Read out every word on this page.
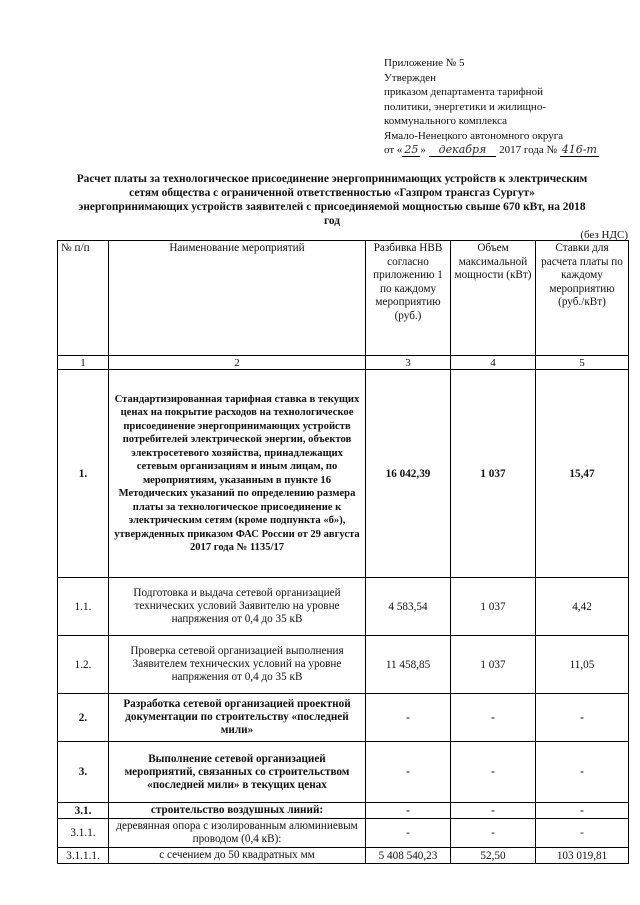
Приложение № 5
Утвержден
приказом департамента тарифной
политики, энергетики и жилищно-
коммунального комплекса
Ямало-Ненецкого автономного округа
от « 25 » декабря 2017 года № 416-т
Расчет платы за технологическое присоединение энергопринимающих устройств к электрическим сетям общества с ограниченной ответственностью «Газпром трансгаз Сургут» энергопринимающих устройств заявителей с присоединяемой мощностью свыше 670 кВт, на 2018 год
(без НДС)
№ п/п	Наименование мероприятий	Разбивка НВВ согласно приложению 1 по каждому мероприятию (руб.)	Объем максимальной мощности (кВт)	Ставки для расчета платы по каждому мероприятию (руб./кВт)
1	2	3	4	5
1.	Стандартизированная тарифная ставка в текущих ценах на покрытие расходов на технологическое присоединение энергопринимающих устройств потребителей электрической энергии, объектов электросетевого хозяйства, принадлежащих сетевым организациям и иным лицам, по мероприятиям, указанным в пункте 16 Методических указаний по определению размера платы за технологическое присоединение к электрическим сетям (кроме подпункта «б»), утвержденных приказом ФАС России от 29 августа 2017 года № 1135/17	16 042,39	1 037	15,47
1.1.	Подготовка и выдача сетевой организацией технических условий Заявителю на уровне напряжения от 0,4 до 35 кВ	4 583,54	1 037	4,42
1.2.	Проверка сетевой организацией выполнения Заявителем технических условий на уровне напряжения от 0,4 до 35 кВ	11 458,85	1 037	11,05
2.	Разработка сетевой организацией проектной документации по строительству «последней мили»	-	-	-
3.	Выполнение сетевой организацией мероприятий, связанных со строительством «последней мили» в текущих ценах	-	-	-
3.1.	строительство воздушных линий:	-	-	-
3.1.1.	деревянная опора с изолированным алюминиевым проводом (0,4 кВ):	-	-	-
3.1.1.1.	с сечением до 50 квадратных мм	5 408 540,23	52,50	103 019,81
